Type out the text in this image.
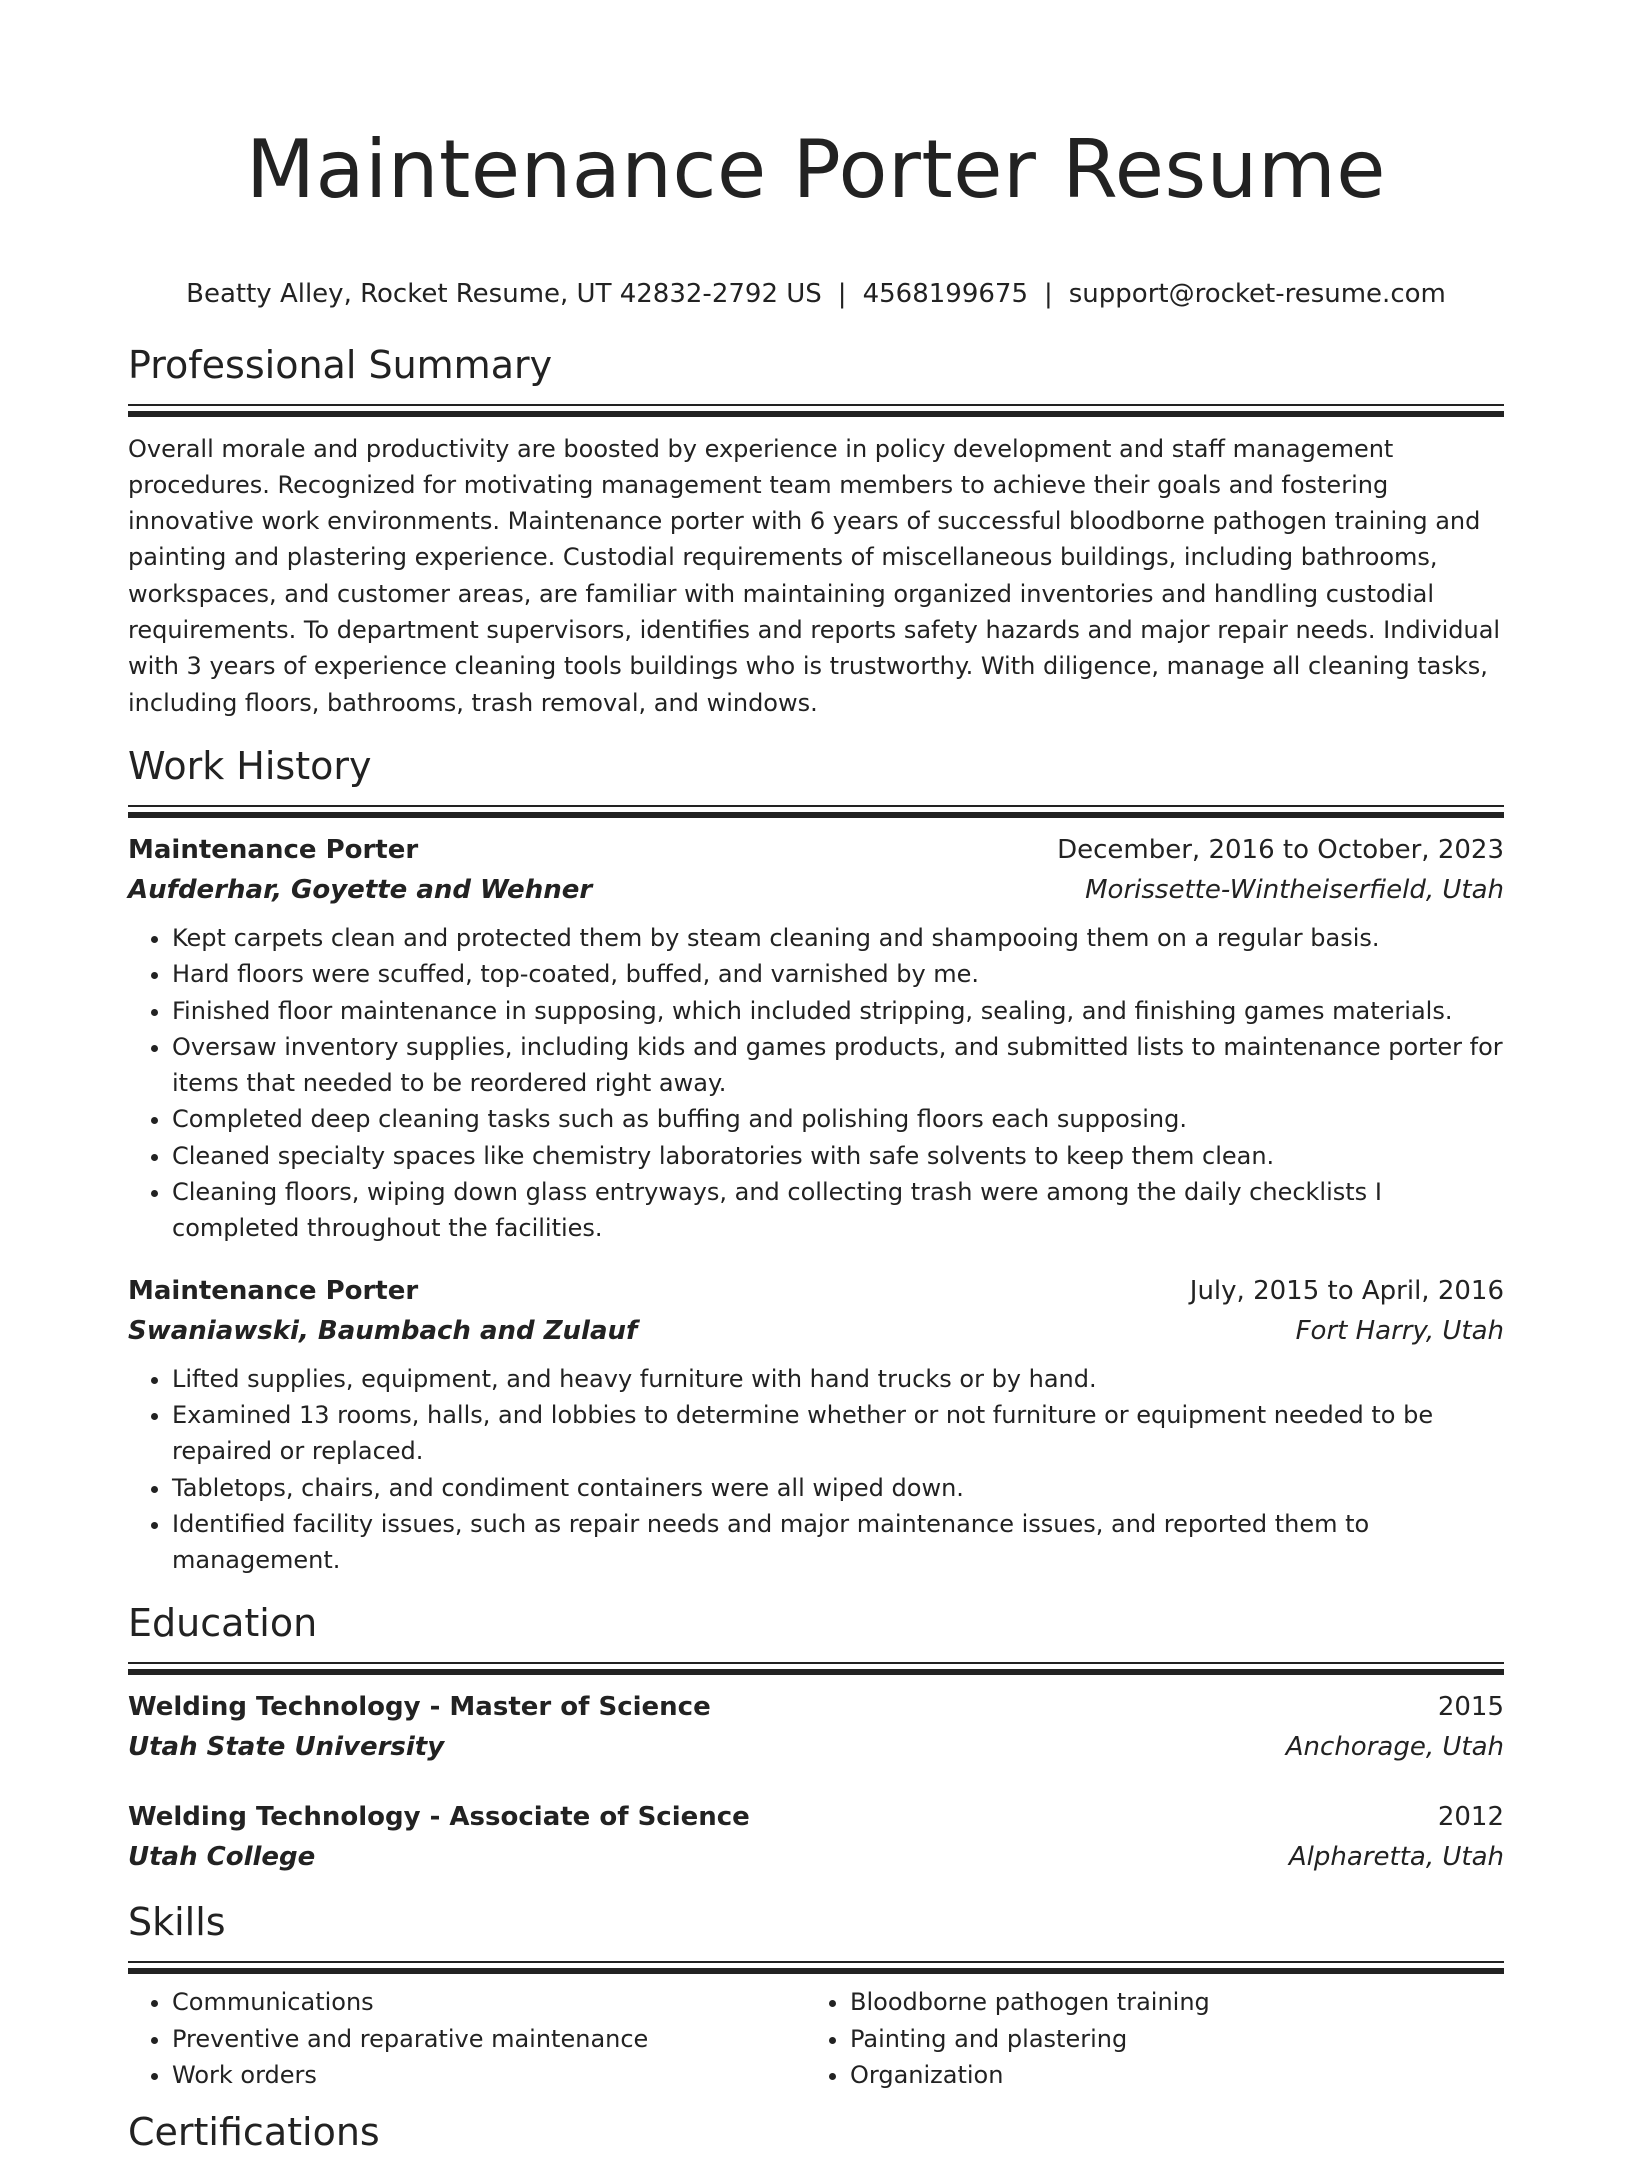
Maintenance Porter Resume
Beatty Alley, Rocket Resume, UT 42832-2792 US | 4568199675 | support@rocket-resume.com
Professional Summary

Overall morale and productivity are boosted by experience in policy development and staff management procedures. Recognized for motivating management team members to achieve their goals and fostering innovative work environments. Maintenance porter with 6 years of successful bloodborne pathogen training and painting and plastering experience. Custodial requirements of miscellaneous buildings, including bathrooms, workspaces, and customer areas, are familiar with maintaining organized inventories and handling custodial requirements. To department supervisors, identifies and reports safety hazards and major repair needs. Individual with 3 years of experience cleaning tools buildings who is trustworthy. With diligence, manage all cleaning tasks, including floors, bathrooms, trash removal, and windows.

Work History
Maintenance Porter	December, 2016 to October, 2023
Aufderhar, Goyette and Wehner	Morissette-Wintheiserfield, Utah
• Kept carpets clean and protected them by steam cleaning and shampooing them on a regular basis.
• Hard floors were scuffed, top-coated, buffed, and varnished by me.
• Finished floor maintenance in supposing, which included stripping, sealing, and finishing games materials.
• Oversaw inventory supplies, including kids and games products, and submitted lists to maintenance porter for items that needed to be reordered right away.
• Completed deep cleaning tasks such as buffing and polishing floors each supposing.
• Cleaned specialty spaces like chemistry laboratories with safe solvents to keep them clean.
• Cleaning floors, wiping down glass entryways, and collecting trash were among the daily checklists I completed throughout the facilities.
Maintenance Porter	July, 2015 to April, 2016
Swaniawski, Baumbach and Zulauf	Fort Harry, Utah
• Lifted supplies, equipment, and heavy furniture with hand trucks or by hand.
• Examined 13 rooms, halls, and lobbies to determine whether or not furniture or equipment needed to be repaired or replaced.
• Tabletops, chairs, and condiment containers were all wiped down.
• Identified facility issues, such as repair needs and major maintenance issues, and reported them to management.
Education
Welding Technology - Master of Science	2015
Utah State University	Anchorage, Utah
Welding Technology - Associate of Science	2012
Utah College	Alpharetta, Utah
Skills
• Communications
• Preventive and reparative maintenance
• Work orders
• Bloodborne pathogen training
• Painting and plastering
• Organization
Certifications
